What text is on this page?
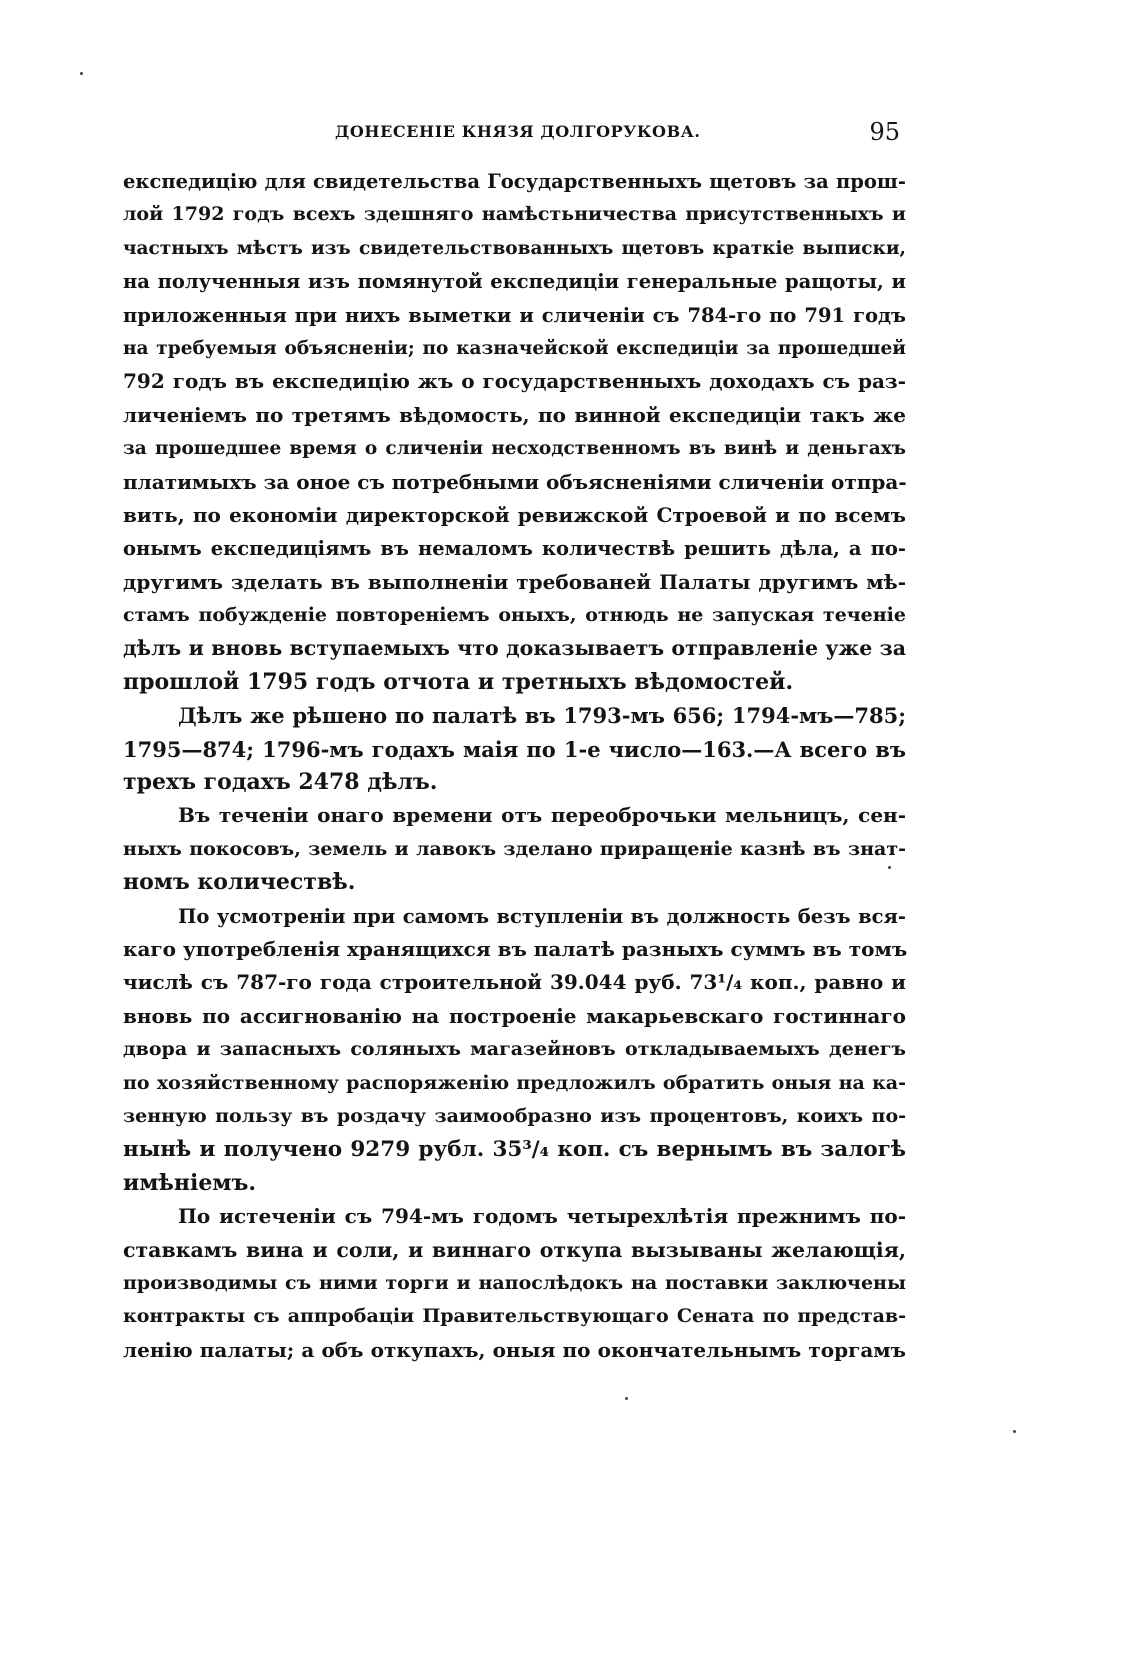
ДОНЕСЕНІЕ КНЯЗЯ ДОЛГОРУКОВА.	95
експедицію для свидетельства Государственныхъ щетовъ за прош-
лой 1792 годъ всехъ здешняго намѣстьничества присутственныхъ и
частныхъ мѣстъ изъ свидетельствованныхъ щетовъ краткіе выписки,
на полученныя изъ помянутой експедиціи генеральные ращоты, и
приложенныя при нихъ выметки и сличеніи съ 784-го по 791 годъ
на требуемыя объясненіи; по казначейской експедиціи за прошедшей
792 годъ въ експедицію жъ о государственныхъ доходахъ съ раз-
личеніемъ по третямъ вѣдомость, по винной експедиціи такъ же
за прошедшее время о сличеніи несходственномъ въ винѣ и деньгахъ
платимыхъ за оное съ потребными объясненіями сличеніи отпра-
вить, по економіи директорской ревижской Строевой и по всемъ
онымъ експедиціямъ въ немаломъ количествѣ решить дѣла, а по-
другимъ зделать въ выполненіи требованей Палаты другимъ мѣ-
стамъ побужденіе повтореніемъ оныхъ, отнюдь не запуская теченіе
дѣлъ и вновь вступаемыхъ что доказываетъ отправленіе уже за
прошлой 1795 годъ отчота и третныхъ вѣдомостей.
Дѣлъ же рѣшено по палатѣ въ 1793-мъ 656; 1794-мъ—785;
1795—874; 1796-мъ годахъ маія по 1-е число—163.—А всего въ
трехъ годахъ 2478 дѣлъ.
Въ теченіи онаго времени отъ переоброчьки мельницъ, сен-
ныхъ покосовъ, земель и лавокъ зделано приращеніе казнѣ въ знат-
номъ количествѣ.
По усмотреніи при самомъ вступленіи въ должность безъ вся-
каго употребленія хранящихся въ палатѣ разныхъ суммъ въ томъ
числѣ съ 787-го года строительной 39.044 руб. 73¹/₄ коп., равно и
вновь по ассигнованію на построеніе макарьевскаго гостиннаго
двора и запасныхъ соляныхъ магазейновъ откладываемыхъ денегъ
по хозяйственному распоряженію предложилъ обратить оныя на ка-
зенную пользу въ роздачу заимообразно изъ процентовъ, коихъ по-
нынѣ и получено 9279 рубл. 35³/₄ коп. съ вернымъ въ залогѣ
имѣніемъ.
По истеченіи съ 794-мъ годомъ четырехлѣтія прежнимъ по-
ставкамъ вина и соли, и виннаго откупа вызываны желающія,
производимы съ ними торги и напослѣдокъ на поставки заключены
контракты съ аппробаціи Правительствующаго Сената по представ-
ленію палаты; а объ откупахъ, оныя по окончательнымъ торгамъ
